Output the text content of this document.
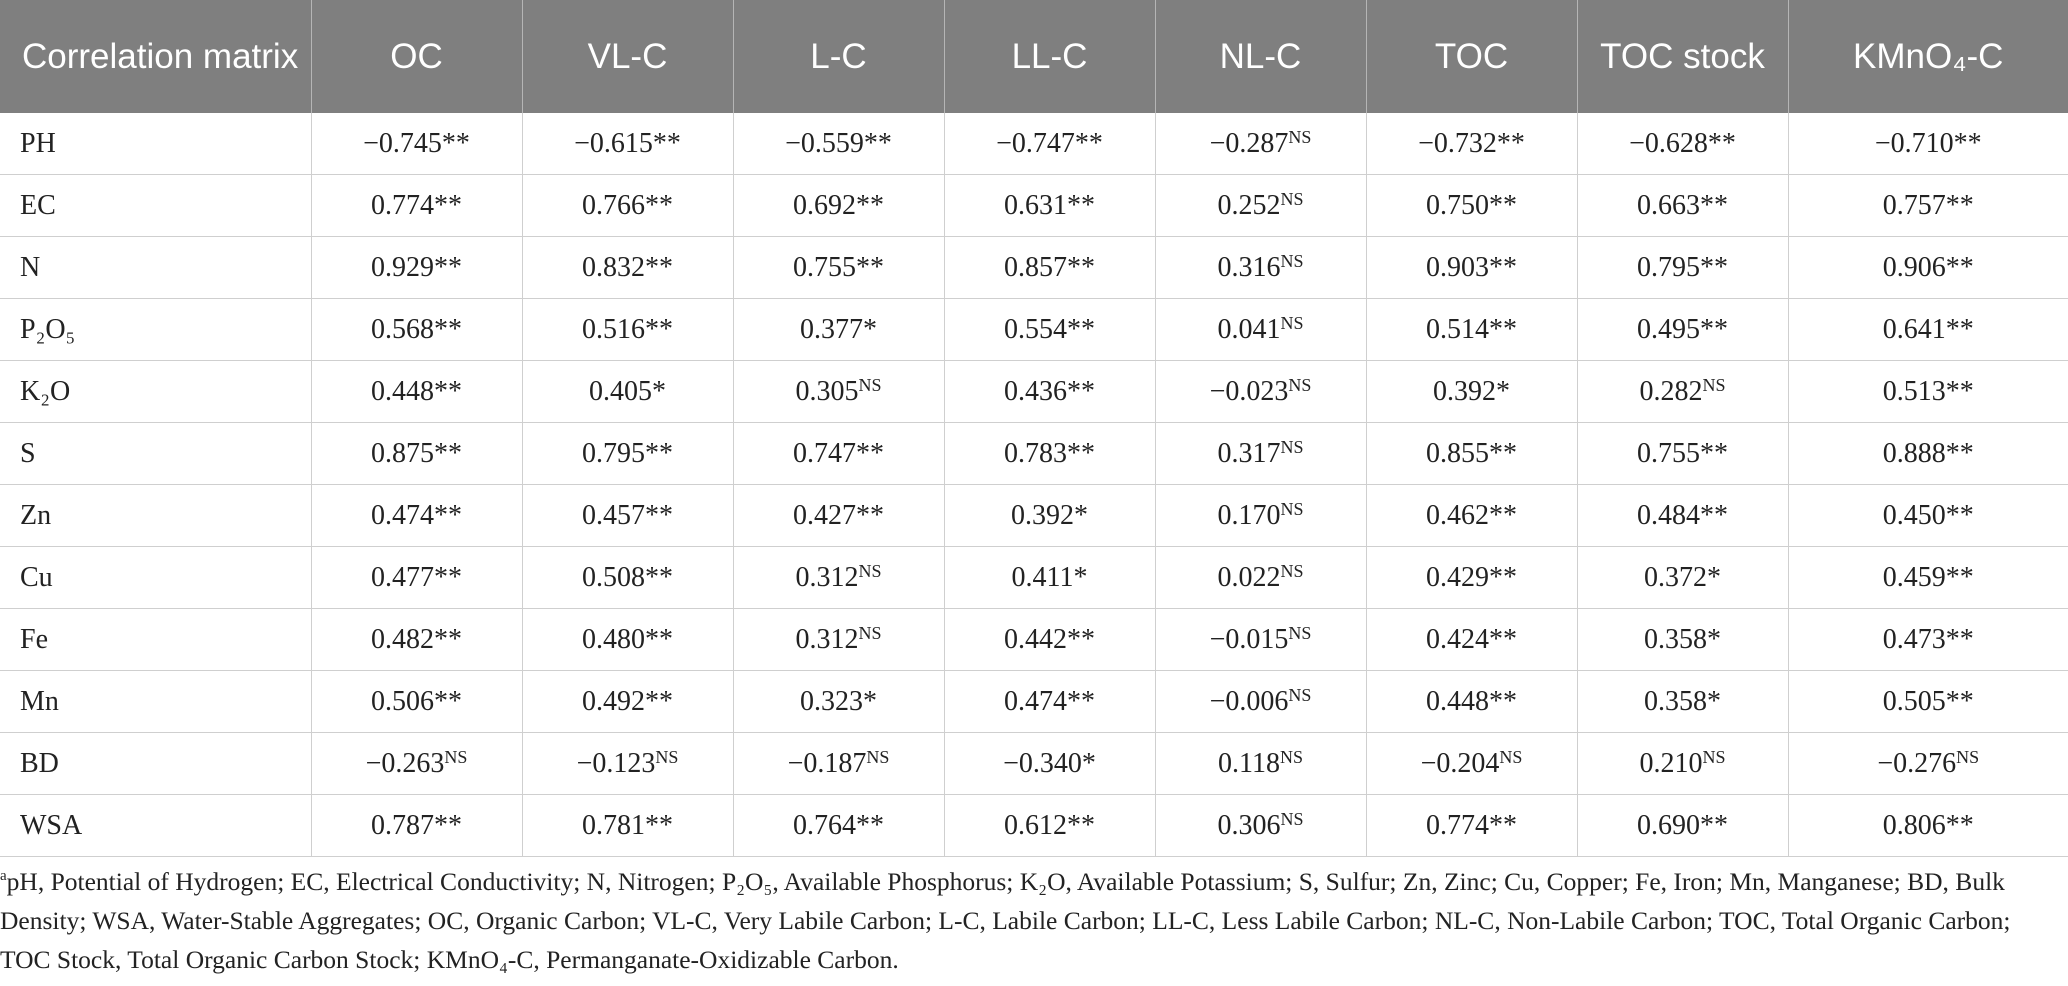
Correlation matrix	OC	VL-C	L-C	LL-C	NL-C	TOC	TOC stock	KMnO₄-C
PH	−0.745**	−0.615**	−0.559**	−0.747**	$-0.287^{NS}$	−0.732**	−0.628**	−0.710**
EC	0.774**	0.766**	0.692**	0.631**	$0.252^{NS}$	0.750**	0.663**	0.757**
N	0.929**	0.832**	0.755**	0.857**	$0.316^{NS}$	0.903**	0.795**	0.906**
P₂O₅	0.568**	0.516**	0.377*	0.554**	$0.041^{NS}$	0.514**	0.495**	0.641**
K₂O	0.448**	0.405*	$0.305^{NS}$	0.436**	$-0.023^{NS}$	0.392*	$0.282^{NS}$	0.513**
S	0.875**	0.795**	0.747**	0.783**	$0.317^{NS}$	0.855**	0.755**	0.888**
Zn	0.474**	0.457**	0.427**	0.392*	$0.170^{NS}$	0.462**	0.484**	0.450**
Cu	0.477**	0.508**	$0.312^{NS}$	0.411*	$0.022^{NS}$	0.429**	0.372*	0.459**
Fe	0.482**	0.480**	$0.312^{NS}$	0.442**	$-0.015^{NS}$	0.424**	0.358*	0.473**
Mn	0.506**	0.492**	0.323*	0.474**	$-0.006^{NS}$	0.448**	0.358*	0.505**
BD	$-0.263^{NS}$	$-0.123^{NS}$	$-0.187^{NS}$	−0.340*	$0.118^{NS}$	$-0.204^{NS}$	$0.210^{NS}$	$-0.276^{NS}$
WSA	0.787**	0.781**	0.764**	0.612**	$0.306^{NS}$	0.774**	0.690**	0.806**
$^a$pH, Potential of Hydrogen; EC, Electrical Conductivity; N, Nitrogen; P₂O₅, Available Phosphorus; K₂O, Available Potassium; S, Sulfur; Zn, Zinc; Cu, Copper; Fe, Iron; Mn, Manganese; BD, Bulk Density; WSA, Water-Stable Aggregates; OC, Organic Carbon; VL-C, Very Labile Carbon; L-C, Labile Carbon; LL-C, Less Labile Carbon; NL-C, Non-Labile Carbon; TOC, Total Organic Carbon; TOC Stock, Total Organic Carbon Stock; KMnO₄-C, Permanganate-Oxidizable Carbon.
